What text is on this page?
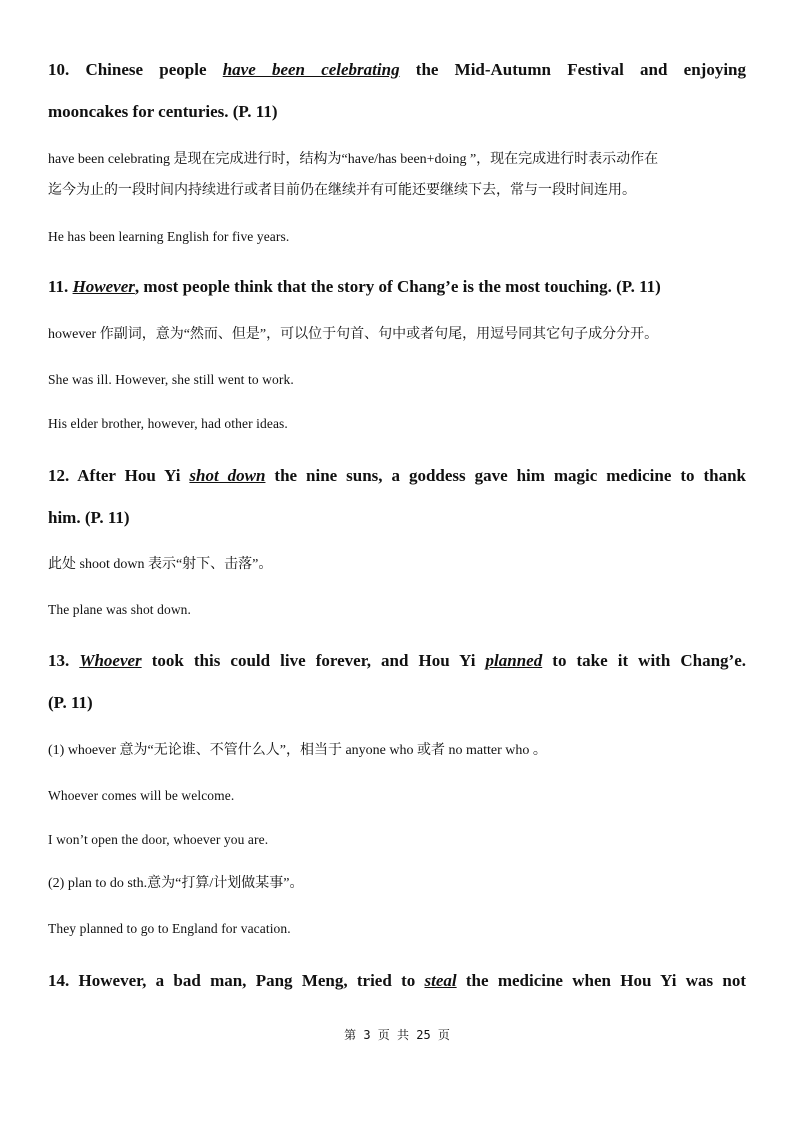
10. Chinese people have been celebrating the Mid-Autumn Festival and enjoying

mooncakes for centuries. (P. 11)

have been celebrating 是现在完成进行时，结构为“have/has been+doing ”，现在完成进行时表示动作在
迄今为止的一段时间内持续进行或者目前仍在继续并有可能还要继续下去，常与一段时间连用。
He has been learning English for five years.

11. However, most people think that the story of Chang’e is the most touching. (P. 11)

however 作副词，意为“然而、但是”，可以位于句首、句中或者句尾，用逗号同其它句子成分分开。
She was ill. However, she still went to work.
His elder brother, however, had other ideas.

12. After Hou Yi shot down the nine suns, a goddess gave him magic medicine to thank

him. (P. 11)

此处 shoot down 表示“射下、击落”。
The plane was shot down.

13. Whoever took this could live forever, and Hou Yi planned to take it with Chang’e.

(P. 11)

(1) whoever 意为“无论谁、不管什么人”，相当于 anyone who 或者 no matter who 。
Whoever comes will be welcome.
I won’t open the door, whoever you are.
(2) plan to do sth.意为“打算/计划做某事”。
They planned to go to England for vacation.

14. However, a bad man, Pang Meng, tried to steal the medicine when Hou Yi was not

第 3 页 共 25 页
